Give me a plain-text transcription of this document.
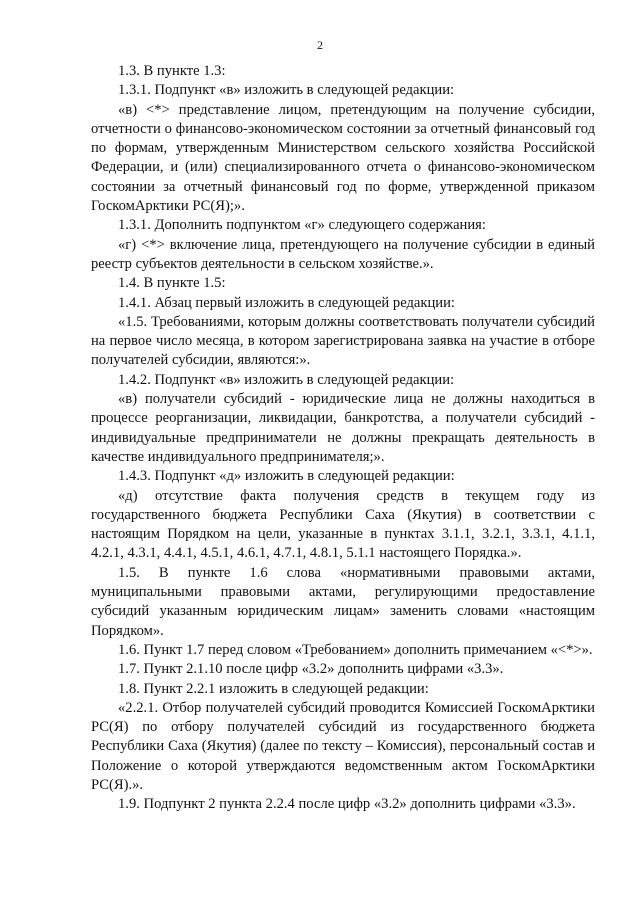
2

1.3. В пункте 1.3:

1.3.1. Подпункт «в» изложить в следующей редакции:

«в) <*> представление лицом, претендующим на получение субсидии, отчетности о финансово-экономическом состоянии за отчетный финансовый год по формам, утвержденным Министерством сельского хозяйства Российской Федерации, и (или) специализированного отчета о финансово-экономическом состоянии за отчетный финансовый год по форме, утвержденной приказом ГоскомАрктики РС(Я);».

1.3.1. Дополнить подпунктом «г» следующего содержания:

«г) <*> включение лица, претендующего на получение субсидии в единый реестр субъектов деятельности в сельском хозяйстве.».

1.4. В пункте 1.5:

1.4.1. Абзац первый изложить в следующей редакции:

«1.5. Требованиями, которым должны соответствовать получатели субсидий на первое число месяца, в котором зарегистрирована заявка на участие в отборе получателей субсидии, являются:».

1.4.2. Подпункт «в» изложить в следующей редакции:

«в) получатели субсидий - юридические лица не должны находиться в процессе реорганизации, ликвидации, банкротства, а получатели субсидий - индивидуальные предприниматели не должны прекращать деятельность в качестве индивидуального предпринимателя;».

1.4.3. Подпункт «д» изложить в следующей редакции:

«д) отсутствие факта получения средств в текущем году из государственного бюджета Республики Саха (Якутия) в соответствии с настоящим Порядком на цели, указанные в пунктах 3.1.1, 3.2.1, 3.3.1, 4.1.1, 4.2.1, 4.3.1, 4.4.1, 4.5.1, 4.6.1, 4.7.1, 4.8.1, 5.1.1 настоящего Порядка.».

1.5. В пункте 1.6 слова «нормативными правовыми актами, муниципальными правовыми актами, регулирующими предоставление субсидий указанным юридическим лицам» заменить словами «настоящим Порядком».

1.6. Пункт 1.7 перед словом «Требованием» дополнить примечанием «<*>».

1.7. Пункт 2.1.10 после цифр «3.2» дополнить цифрами «3.3».

1.8. Пункт 2.2.1 изложить в следующей редакции:

«2.2.1. Отбор получателей субсидий проводится Комиссией ГоскомАрктики РС(Я) по отбору получателей субсидий из государственного бюджета Республики Саха (Якутия) (далее по тексту – Комиссия), персональный состав и Положение о которой утверждаются ведомственным актом ГоскомАрктики РС(Я).».

1.9. Подпункт 2 пункта 2.2.4 после цифр «3.2» дополнить цифрами «3.3».
